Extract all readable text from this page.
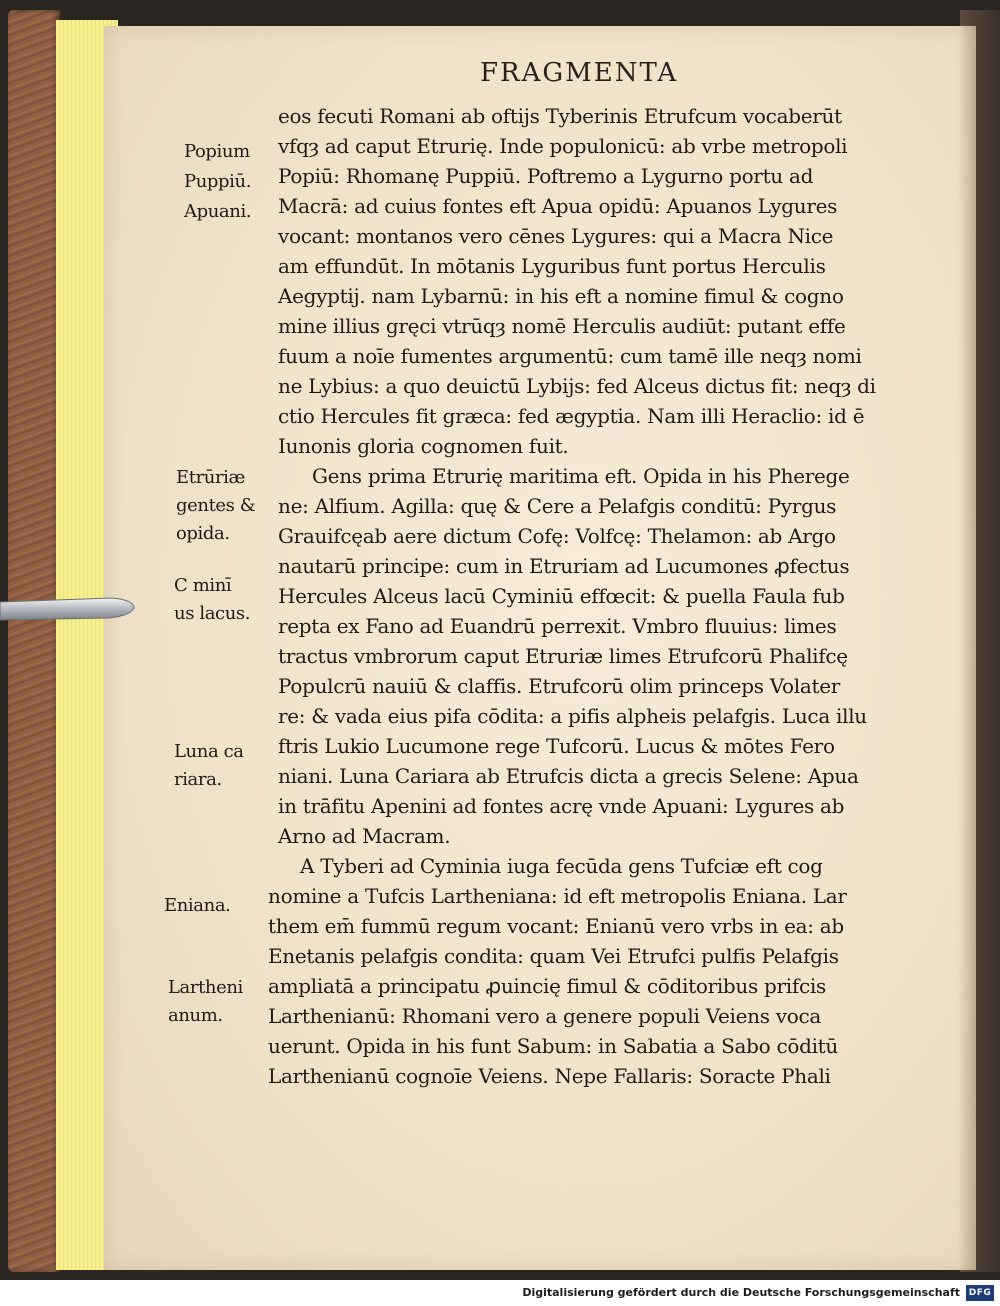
FRAGMENTA
eos fecuti Romani ab oftijs Tyberinis Etrufcum vocaberūt
vfqȝ ad caput Etrurię. Inde populonicū: ab vrbe metropoli
Popiū: Rhomanę Puppiū. Poftremo a Lygurno portu ad
Macrā: ad cuius fontes eft Apua opidū: Apuanos Lygures
vocant: montanos vero cēnes Lygures: qui a Macra Nice
am effundūt. In mōtanis Lyguribus funt portus Herculis
Aegyptij. nam Lybarnū: in his eft a nomine fimul & cogno
mine illius gręci vtrūqȝ nomē Herculis audiūt: putant effe
fuum a noīe fumentes argumentū: cum tamē ille neqȝ nomi
ne Lybius: a quo deuictū Lybijs: fed Alceus dictus fit: neqȝ di
ctio Hercules fit græca: fed ægyptia. Nam illi Heraclio: id ē
Iunonis gloria cognomen fuit.
Gens prima Etrurię maritima eft. Opida in his Pherege
ne: Alfium. Agilla: quę & Cere a Pelafgis conditū: Pyrgus
Grauifcęab aere dictum Cofę: Volfcę: Thelamon: ab Argo
nautarū principe: cum in Etruriam ad Lucumones ꝓfectus
Hercules Alceus lacū Cyminiū effœcit: & puella Faula fub
repta ex Fano ad Euandrū perrexit. Vmbro fluuius: limes
tractus vmbrorum caput Etruriæ limes Etrufcorū Phalifcę
Populcrū nauiū & claffis. Etrufcorū olim princeps Volater
re: & vada eius pifa cōdita: a pifis alpheis pelafgis. Luca illu
ftris Lukio Lucumone rege Tufcorū. Lucus & mōtes Fero
niani. Luna Cariara ab Etrufcis dicta a grecis Selene: Apua
in trāfitu Apenini ad fontes acrę vnde Apuani: Lygures ab
Arno ad Macram.
A Tyberi ad Cyminia iuga fecūda gens Tufciæ eft cog
nomine a Tufcis Lartheniana: id eft metropolis Eniana. Lar
them em̄ fummū regum vocant: Enianū vero vrbs in ea: ab
Enetanis pelafgis condita: quam Vei Etrufci pulfis Pelafgis
ampliatā a principatu ꝓuincię fimul & cōditoribus prifcis
Larthenianū: Rhomani vero a genere populi Veiens voca
uerunt. Opida in his funt Sabum: in Sabatia a Sabo cōditū
Larthenianū cognoīe Veiens. Nepe Fallaris: Soracte Phali
Popium
Puppiū.
Apuani.
Etrūriæ
gentes &
opida.
C minī
us lacus.
Luna ca
riara.
Eniana.
Lartheni
anum.
Digitalisierung gefördert durch die Deutsche Forschungsgemeinschaft DFG
